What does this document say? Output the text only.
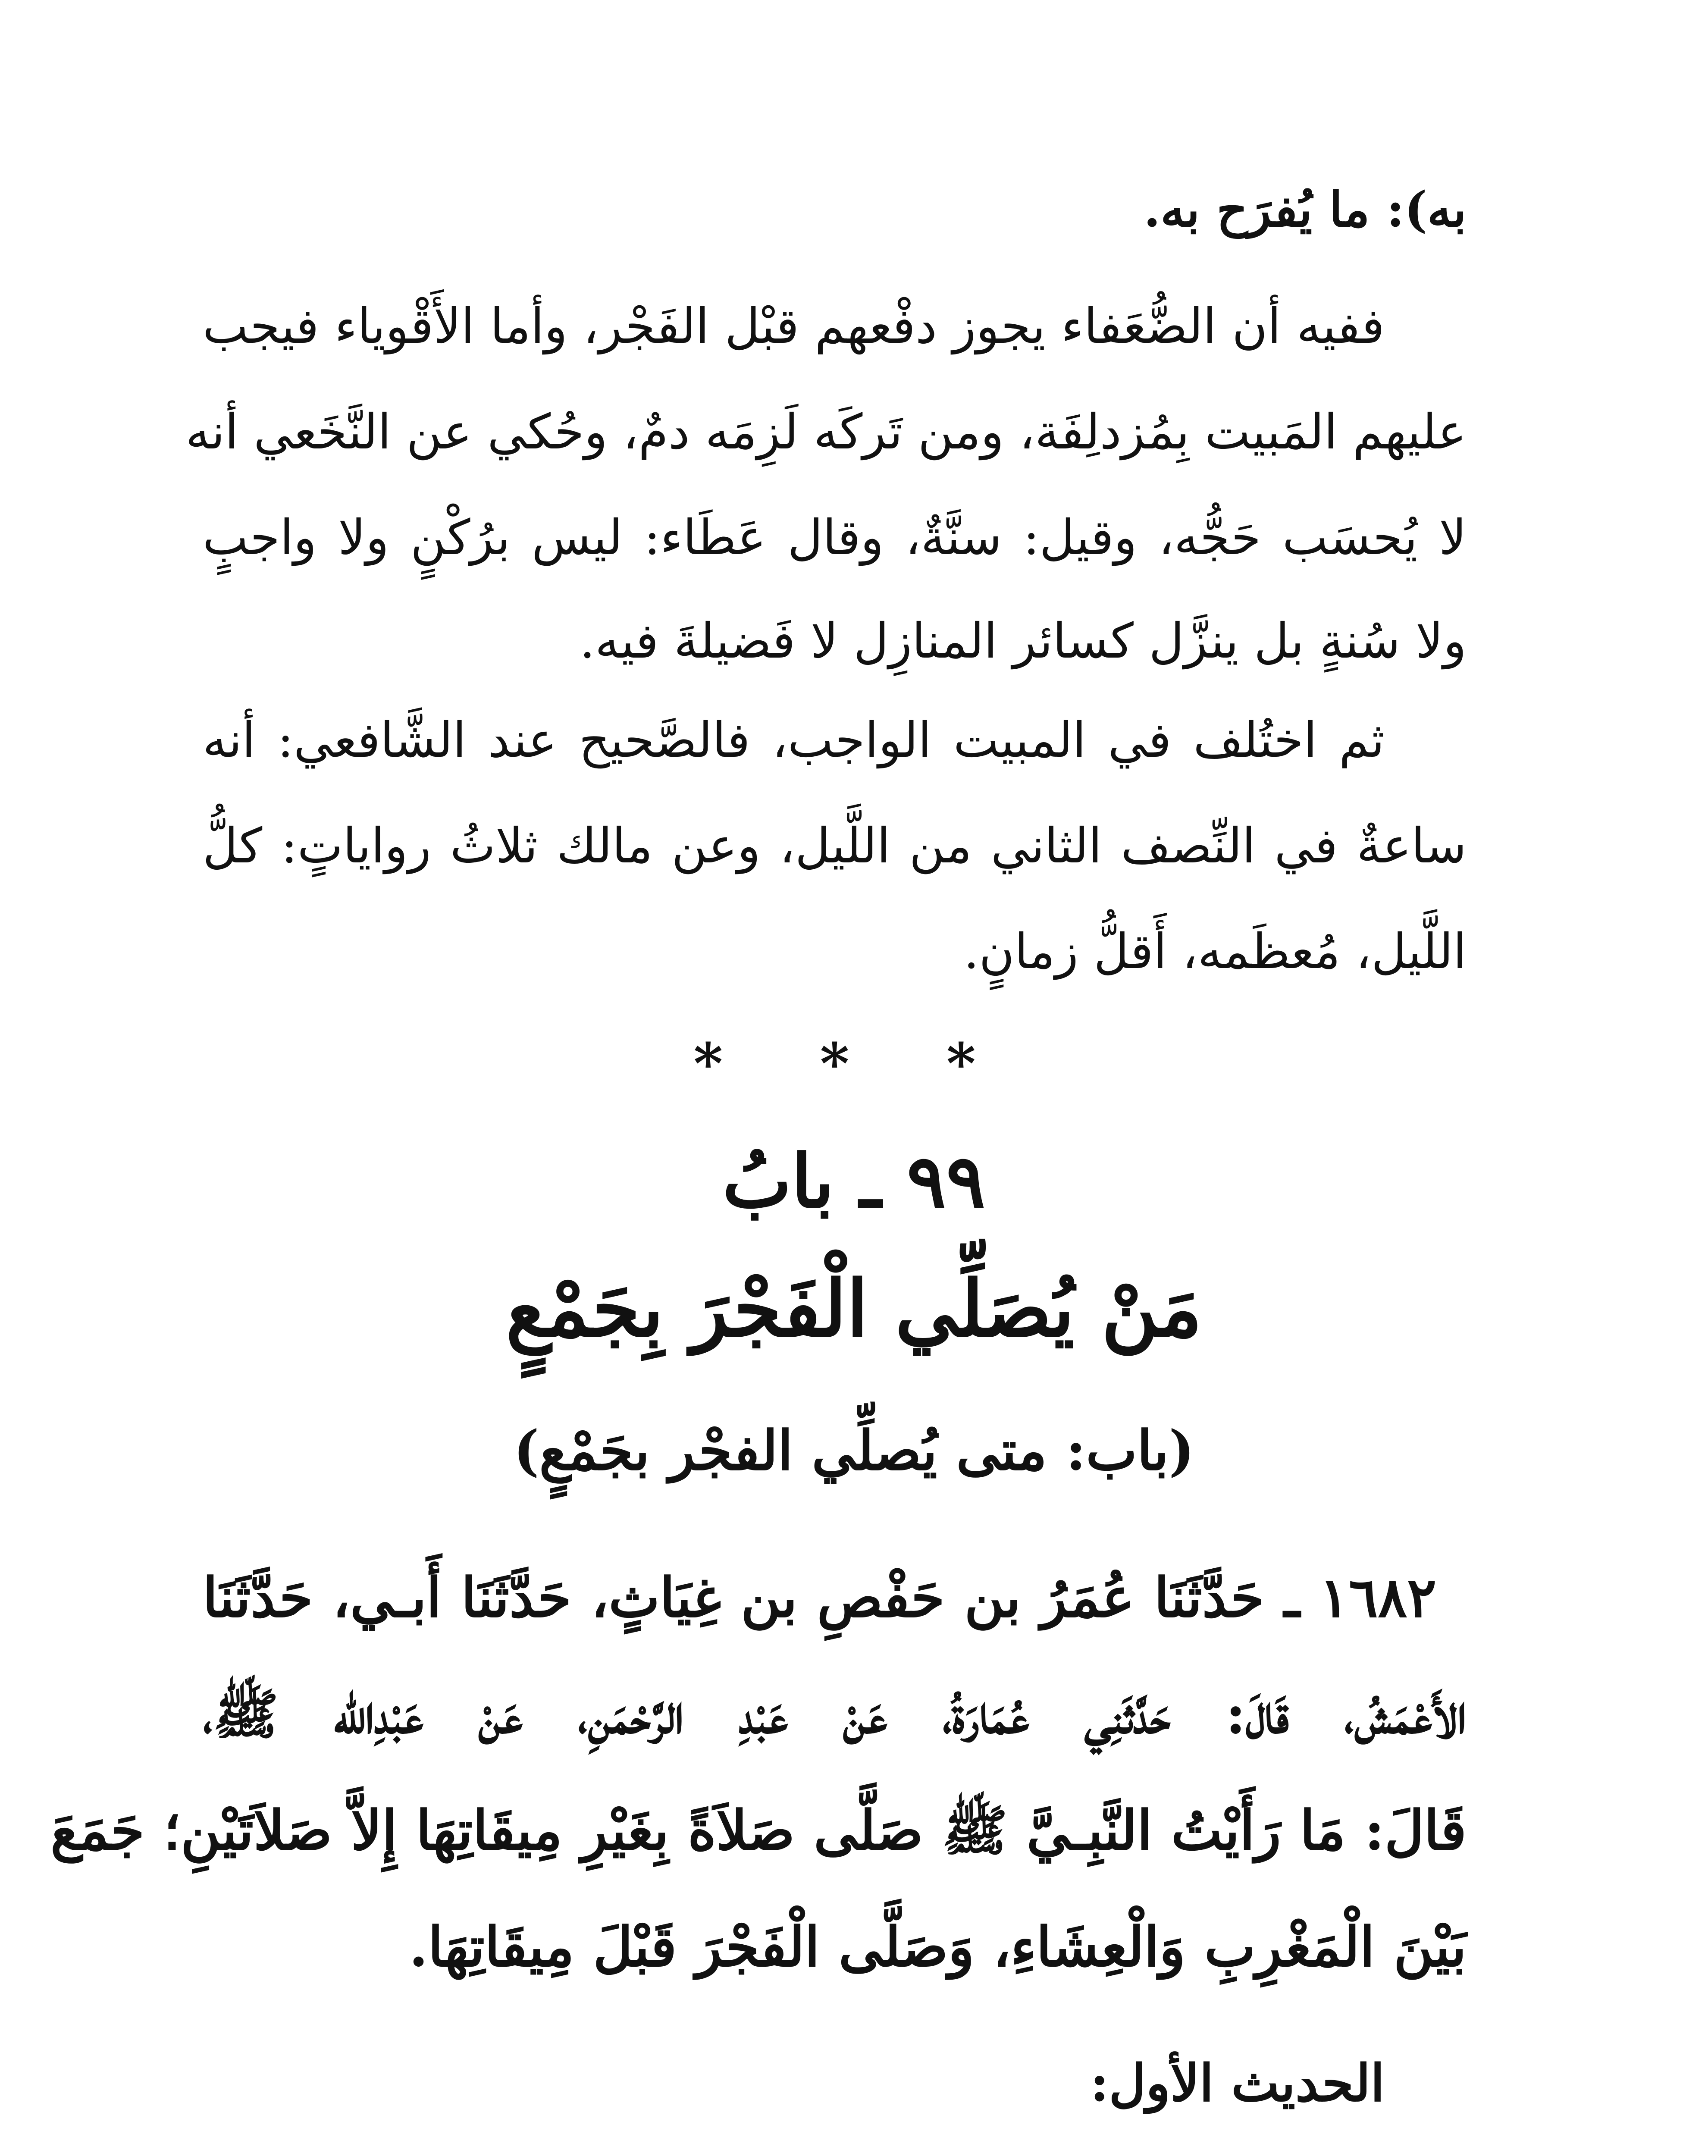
به): ما يُفرَح به.
ففيه أن الضُّعَفاء يجوز دفْعهم قبْل الفَجْر، وأما الأَقْوياء فيجب
عليهم المَبيت بِمُزدلِفَة، ومن تَركَه لَزِمَه دمٌ، وحُكي عن النَّخَعي أنه
لا يُحسَب حَجُّه، وقيل: سنَّةٌ، وقال عَطَاء: ليس برُكْنٍ ولا واجبٍ
ولا سُنةٍ بل ينزَّل كسائر المنازِل لا فَضيلةَ فيه.
ثم اختُلف في المبيت الواجب، فالصَّحيح عند الشَّافعي: أنه
ساعةٌ في النِّصف الثاني من اللَّيل، وعن مالك ثلاثُ رواياتٍ: كلُّ
اللَّيل، مُعظَمه، أَقلُّ زمانٍ.
* * *
٩٩ ـ بابُ
مَنْ يُصَلِّي الْفَجْرَ بِجَمْعٍ
(باب: متى يُصلِّي الفجْر بجَمْعٍ)
١٦٨٢ ـ حَدَّثَنَا عُمَرُ بن حَفْصِ بن غِيَاثٍ، حَدَّثَنَا أَبـي، حَدَّثَنَا
الأَعْمَشُ، قَالَ: حَدَّثَنِي عُمَارَةُ، عَنْ عَبْدِ الرَّحْمَنِ، عَنْ عَبْدِالله ﷺ،
قَالَ: مَا رَأَيْتُ النَّبِـيَّ ﷺ صَلَّى صَلاَةً بِغَيْرِ مِيقَاتِهَا إِلاَّ صَلاَتَيْنِ؛ جَمَعَ
بَيْنَ الْمَغْرِبِ وَالْعِشَاءِ، وَصَلَّى الْفَجْرَ قَبْلَ مِيقَاتِهَا.
الحديث الأول:
